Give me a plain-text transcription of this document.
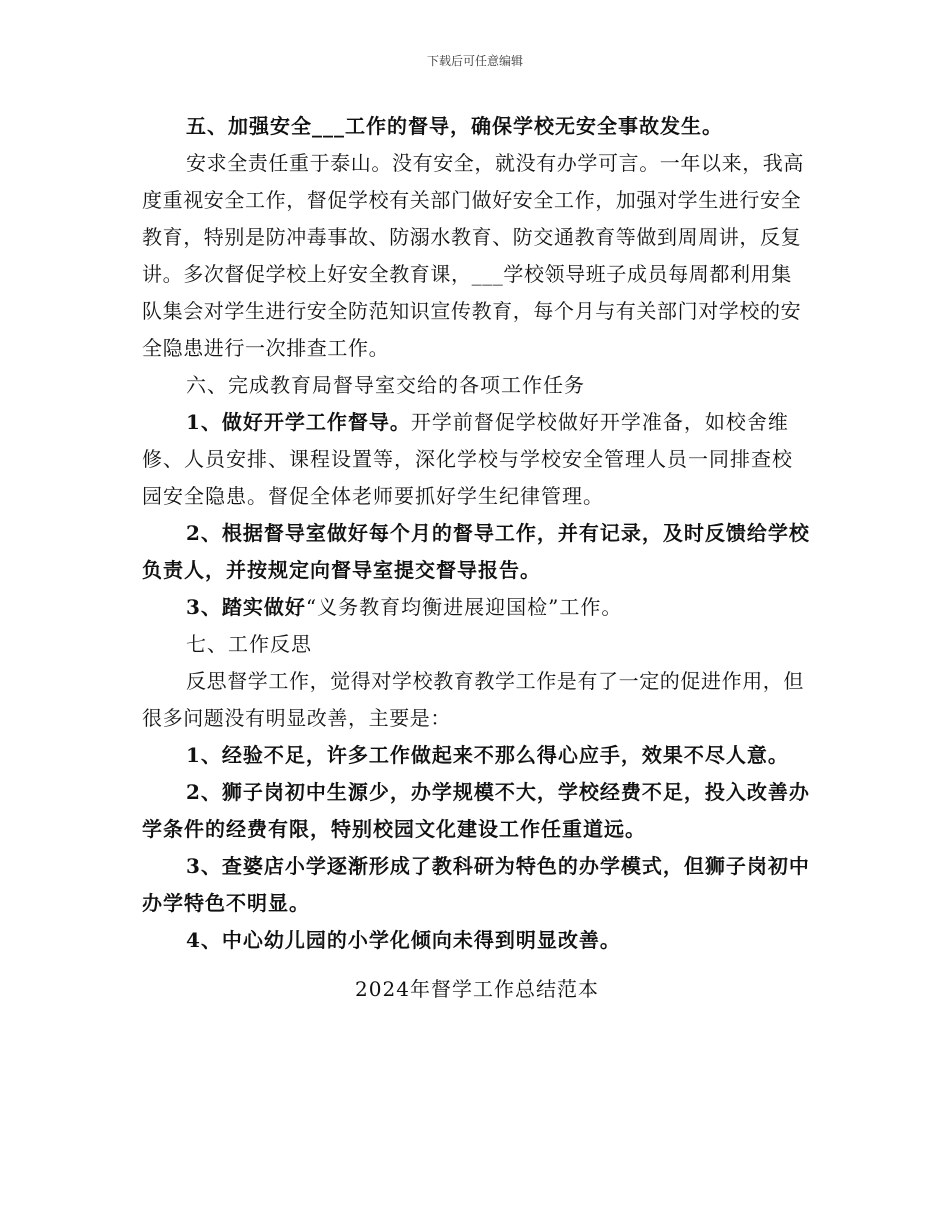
下载后可任意编辑

五、加强安全___工作的督导，确保学校无安全事故发生。

安求全责任重于泰山。没有安全，就没有办学可言。一年以来，我高度重视安全工作，督促学校有关部门做好安全工作，加强对学生进行安全教育，特别是防冲毒事故、防溺水教育、防交通教育等做到周周讲，反复讲。多次督促学校上好安全教育课，___学校领导班子成员每周都利用集队集会对学生进行安全防范知识宣传教育，每个月与有关部门对学校的安全隐患进行一次排查工作。

六、完成教育局督导室交给的各项工作任务

1、做好开学工作督导。开学前督促学校做好开学准备，如校舍维修、人员安排、课程设置等，深化学校与学校安全管理人员一同排查校园安全隐患。督促全体老师要抓好学生纪律管理。

2、根据督导室做好每个月的督导工作，并有记录，及时反馈给学校负责人，并按规定向督导室提交督导报告。

3、踏实做好“义务教育均衡进展迎国检”工作。

七、工作反思

反思督学工作，觉得对学校教育教学工作是有了一定的促进作用，但很多问题没有明显改善，主要是：

1、经验不足，许多工作做起来不那么得心应手，效果不尽人意。

2、狮子岗初中生源少，办学规模不大，学校经费不足，投入改善办学条件的经费有限，特别校园文化建设工作任重道远。

3、查婆店小学逐渐形成了教科研为特色的办学模式，但狮子岗初中办学特色不明显。

4、中心幼儿园的小学化倾向未得到明显改善。

2024年督学工作总结范本
